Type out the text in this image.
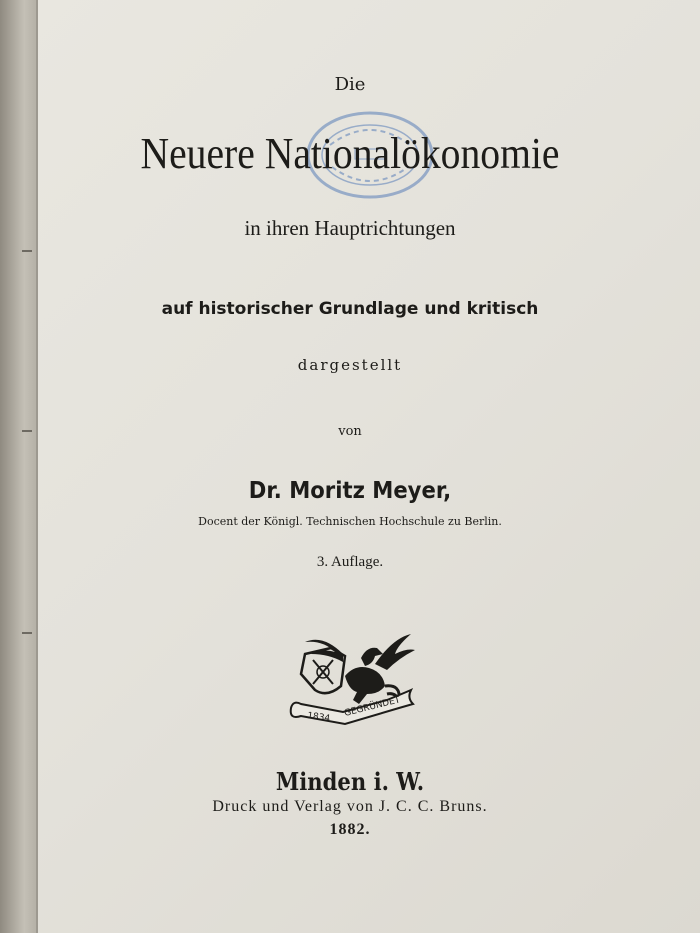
Die
Neuere Nationalökonomie
in ihren Hauptrichtungen
auf historischer Grundlage und kritisch
dargestellt
von
Dr. Moritz Meyer,
Docent der Königl. Technischen Hochschule zu Berlin.
3. Auflage.
1834 GEGRÜNDET
Minden i. W.
Druck und Verlag von J. C. C. Bruns.
1882.
